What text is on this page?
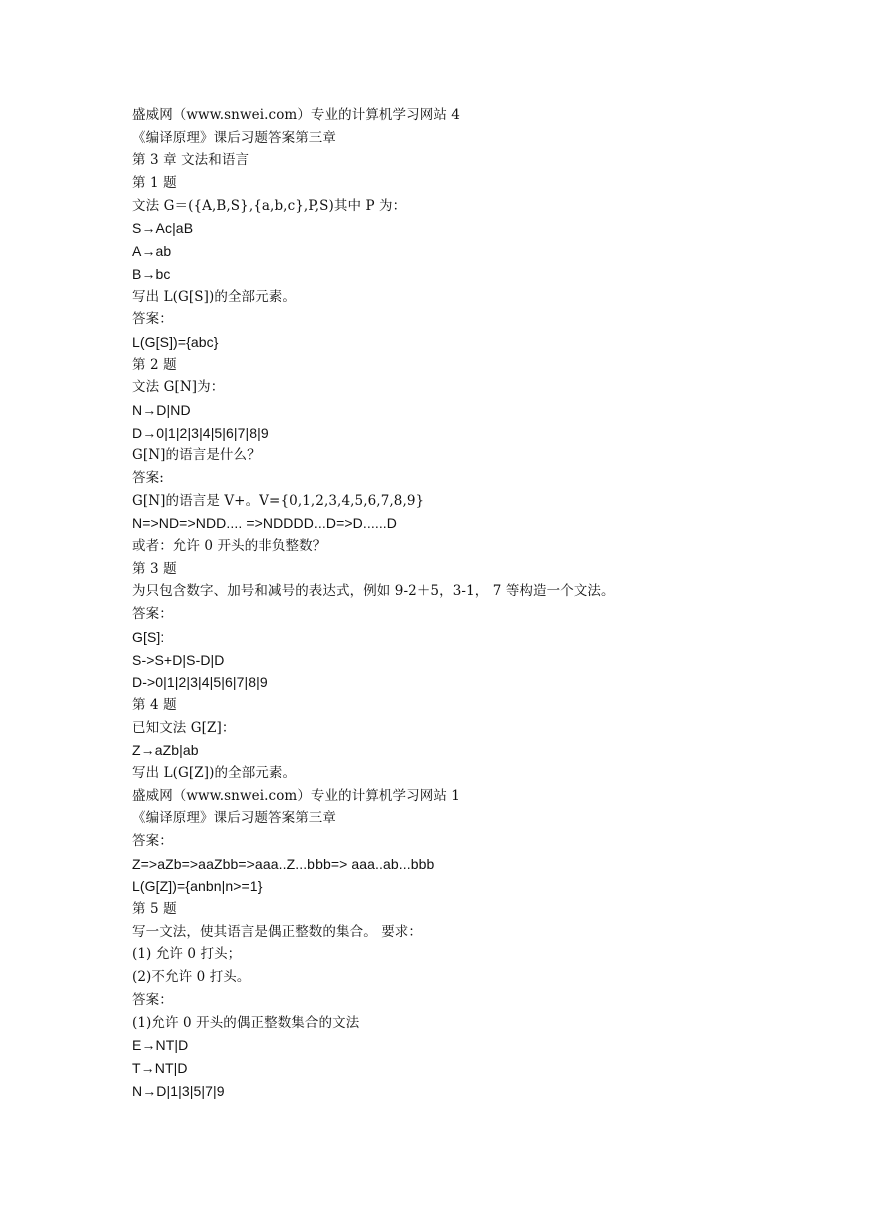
盛威网（www.snwei.com）专业的计算机学习网站 4
《编译原理》课后习题答案第三章
第 3 章 文法和语言
第 1 题
文法 G＝({A,B,S},{a,b,c},P,S)其中 P 为：
S→Ac|aB
A→ab
B→bc
写出 L(G[S])的全部元素。
答案：
L(G[S])={abc}
第 2 题
文法 G[N]为：
N→D|ND
D→0|1|2|3|4|5|6|7|8|9
G[N]的语言是什么？
答案:
G[N]的语言是 V+。V={0,1,2,3,4,5,6,7,8,9}
N=>ND=>NDD.... =>NDDDD...D=>D......D
或者：允许 0 开头的非负整数？
第 3 题
为只包含数字、加号和减号的表达式，例如 9-2＋5，3-1， 7 等构造一个文法。
答案：
G[S]:
S->S+D|S-D|D
D->0|1|2|3|4|5|6|7|8|9
第 4 题
已知文法 G[Z]：
Z→aZb|ab
写出 L(G[Z])的全部元素。
盛威网（www.snwei.com）专业的计算机学习网站 1
《编译原理》课后习题答案第三章
答案：
Z=>aZb=>aaZbb=>aaa..Z...bbb=> aaa..ab...bbb
L(G[Z])={anbn|n>=1}
第 5 题
写一文法，使其语言是偶正整数的集合。 要求：
(1) 允许 0 打头；
(2)不允许 0 打头。
答案：
(1)允许 0 开头的偶正整数集合的文法
E→NT|D
T→NT|D
N→D|1|3|5|7|9
